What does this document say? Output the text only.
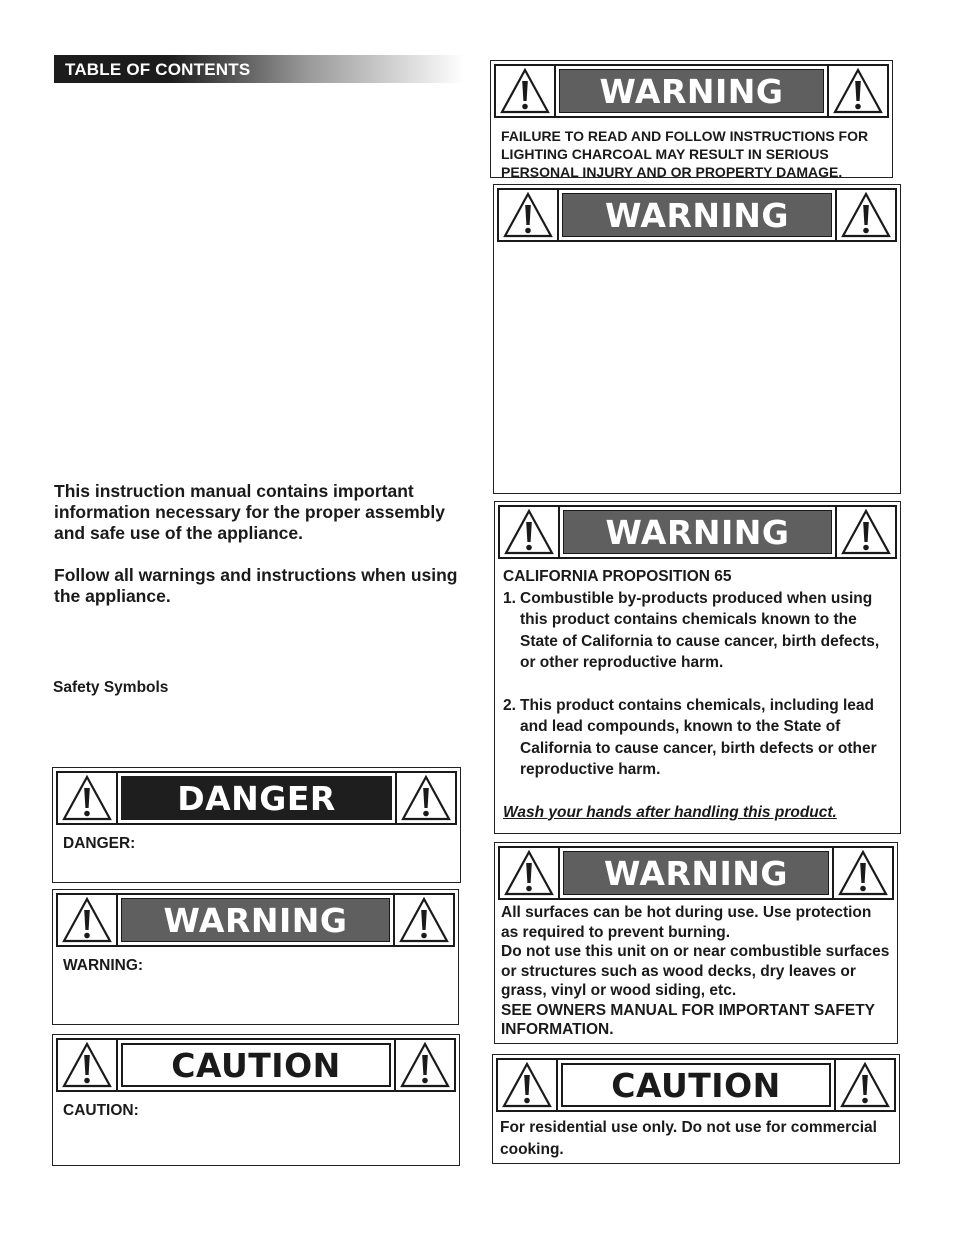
TABLE OF CONTENTS

This instruction manual contains important information necessary for the proper assembly and safe use of the appliance.

Follow all warnings and instructions when using the appliance.

Safety Symbols
DANGER

DANGER:

WARNING

WARNING:

CAUTION

CAUTION:

WARNING

FAILURE TO READ AND FOLLOW INSTRUCTIONS FOR LIGHTING CHARCOAL MAY RESULT IN SERIOUS PERSONAL INJURY AND OR PROPERTY DAMAGE.

WARNING
WARNING

CALIFORNIA PROPOSITION 65

1. Combustible by-products produced when using this product contains chemicals known to the State of California to cause cancer, birth defects, or other reproductive harm.
2. This product contains chemicals, including lead and lead compounds, known to the State of California to cause cancer, birth defects or other reproductive harm.

Wash your hands after handling this product.

WARNING

All surfaces can be hot during use. Use protection as required to prevent burning.

Do not use this unit on or near combustible surfaces or structures such as wood decks, dry leaves or grass, vinyl or wood siding, etc.

SEE OWNERS MANUAL FOR IMPORTANT SAFETY INFORMATION.

CAUTION

For residential use only. Do not use for commercial cooking.
